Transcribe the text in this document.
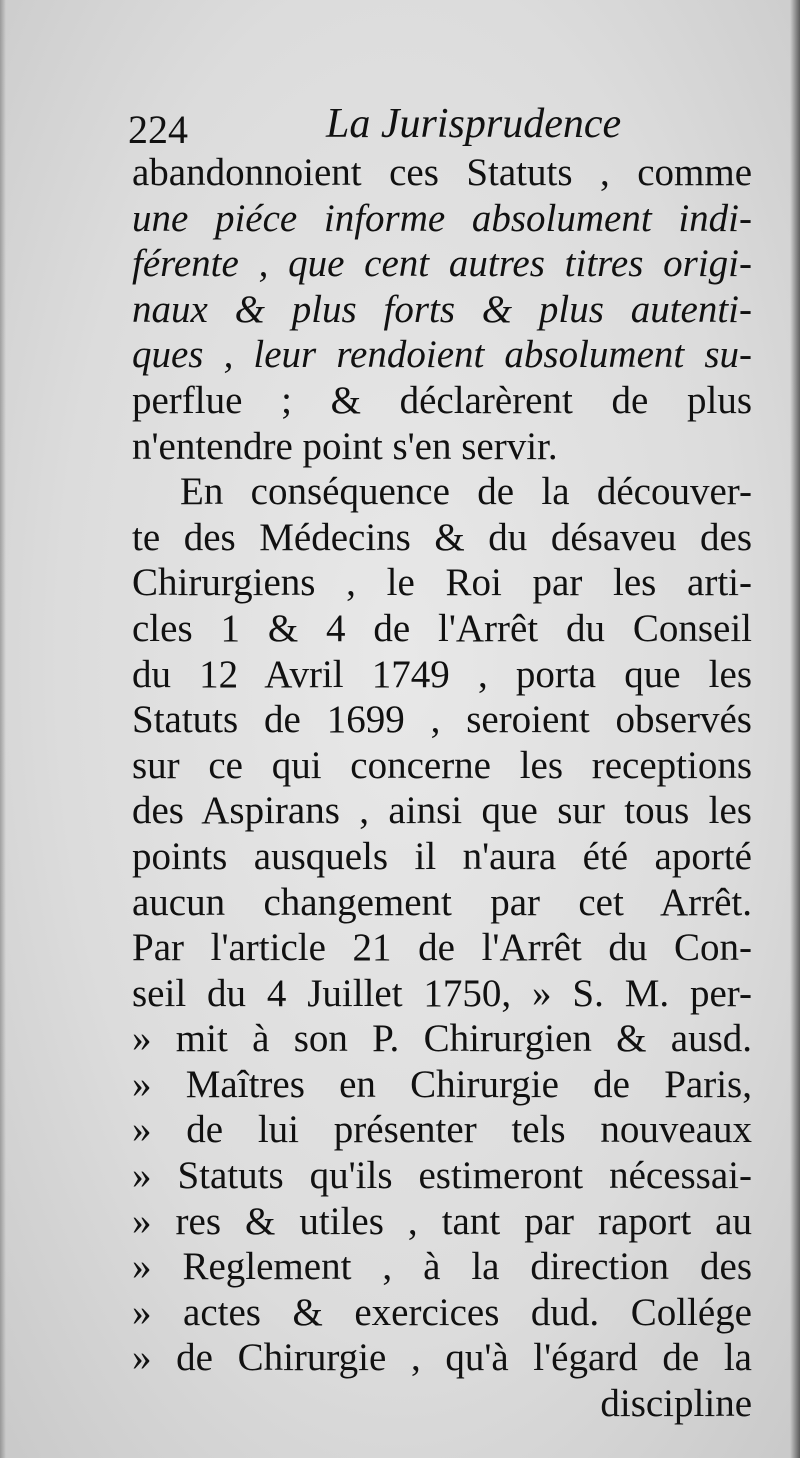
224	La Jurisprudence
abandonnoient ces Statuts , comme
une piéce informe absolument indi-
férente , que cent autres titres origi-
naux & plus forts & plus autenti-
ques , leur rendoient absolument su-
perflue ; & déclarèrent de plus
n'entendre point s'en servir.
En conséquence de la découver-
te des Médecins & du désaveu des
Chirurgiens , le Roi par les arti-
cles 1 & 4 de l'Arrêt du Conseil
du 12 Avril 1749 , porta que les
Statuts de 1699 , seroient observés
sur ce qui concerne les receptions
des Aspirans , ainsi que sur tous les
points ausquels il n'aura été aporté
aucun changement par cet Arrêt.
Par l'article 21 de l'Arrêt du Con-
seil du 4 Juillet 1750, » S. M. per-
» mit à son P. Chirurgien & ausd.
» Maîtres en Chirurgie de Paris,
» de lui présenter tels nouveaux
» Statuts qu'ils estimeront nécessai-
» res & utiles , tant par raport au
» Reglement , à la direction des
» actes & exercices dud. Collége
» de Chirurgie , qu'à l'égard de la
discipline
